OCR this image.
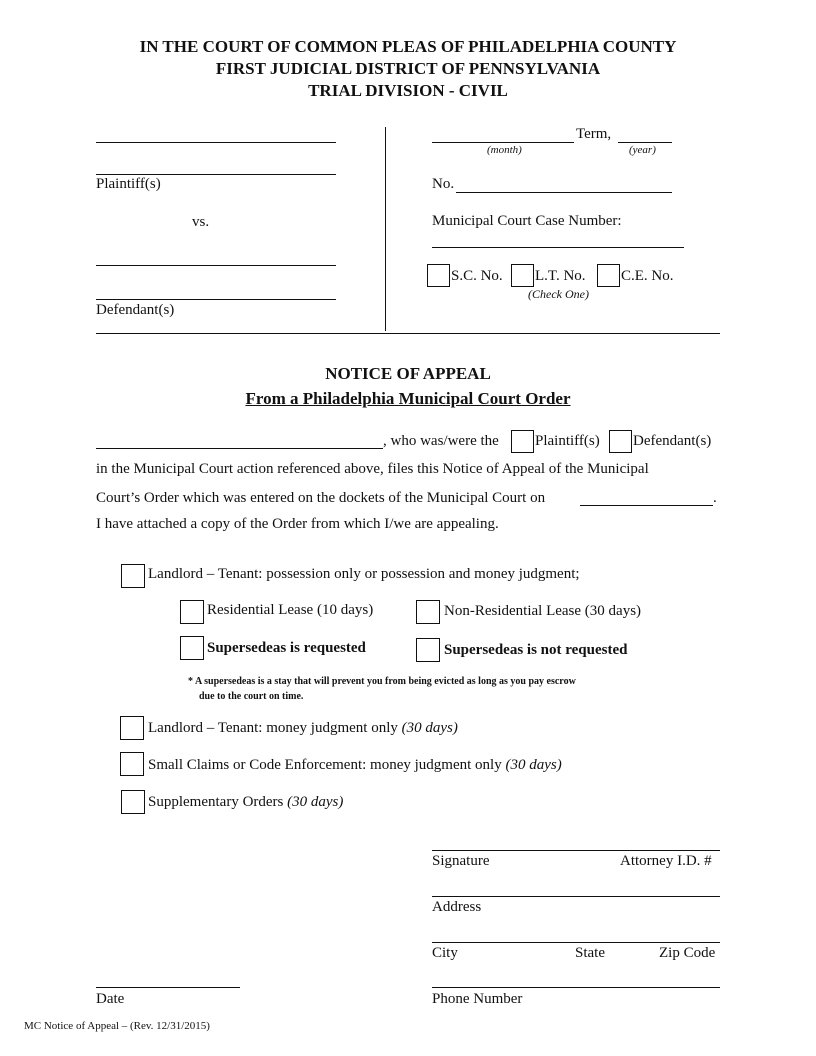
IN THE COURT OF COMMON PLEAS OF PHILADELPHIA COUNTY
FIRST JUDICIAL DISTRICT OF PENNSYLVANIA
TRIAL DIVISION - CIVIL
Plaintiff(s)
vs.
Defendant(s)
Term,
(month)	(year)
No.
Municipal Court Case Number:
S.C. No. L.T. No. C.E. No.
(Check One)
NOTICE OF APPEAL
From a Philadelphia Municipal Court Order
, who was/were the Plaintiff(s) Defendant(s)
in the Municipal Court action referenced above, files this Notice of Appeal of the Municipal
Court’s Order which was entered on the dockets of the Municipal Court on	.
I have attached a copy of the Order from which I/we are appealing.
Landlord – Tenant: possession only or possession and money judgment;
Residential Lease (10 days)	Non-Residential Lease (30 days)
Supersedeas is requested	Supersedeas is not requested
* A supersedeas is a stay that will prevent you from being evicted as long as you pay escrow
due to the court on time.
Landlord – Tenant: money judgment only (30 days)
Small Claims or Code Enforcement: money judgment only (30 days)
Supplementary Orders (30 days)
Signature	Attorney I.D. #
Address
City	State	Zip Code
Date	Phone Number
MC Notice of Appeal – (Rev. 12/31/2015)
